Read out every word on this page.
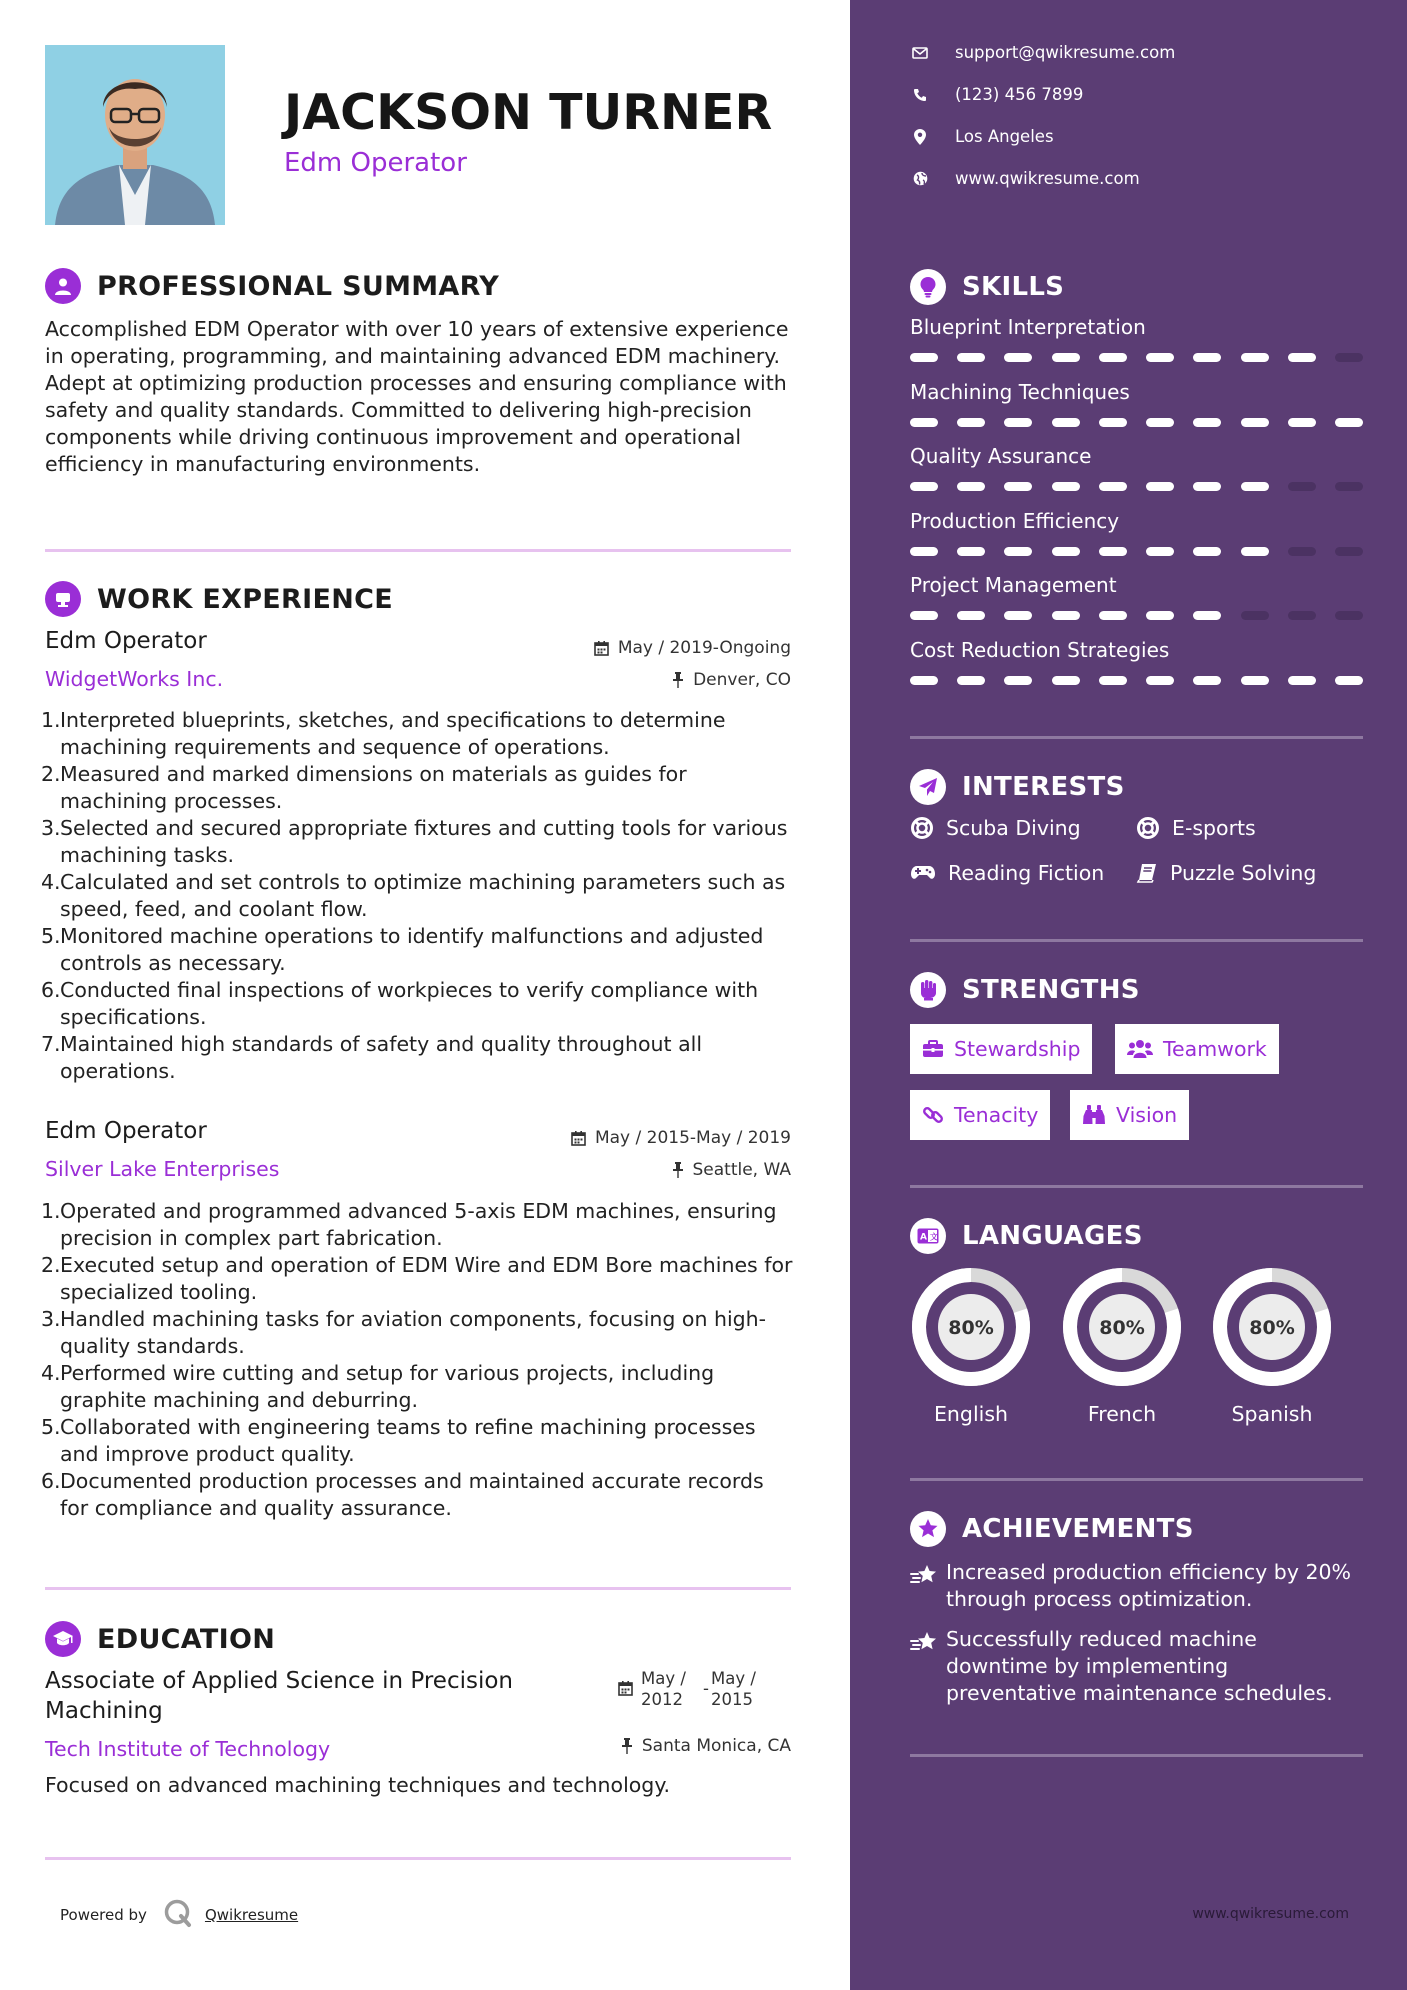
JACKSON TURNER
Edm Operator
PROFESSIONAL SUMMARY
Accomplished EDM Operator with over 10 years of extensive experience in operating, programming, and maintaining advanced EDM machinery. Adept at optimizing production processes and ensuring compliance with safety and quality standards. Committed to delivering high-precision components while driving continuous improvement and operational efficiency in manufacturing environments.
WORK EXPERIENCE
Edm Operator
WidgetWorks Inc.
May / 2019-Ongoing
Denver, CO
1. Interpreted blueprints, sketches, and specifications to determine machining requirements and sequence of operations.
2. Measured and marked dimensions on materials as guides for machining processes.
3. Selected and secured appropriate fixtures and cutting tools for various machining tasks.
4. Calculated and set controls to optimize machining parameters such as speed, feed, and coolant flow.
5. Monitored machine operations to identify malfunctions and adjusted controls as necessary.
6. Conducted final inspections of workpieces to verify compliance with specifications.
7. Maintained high standards of safety and quality throughout all operations.
Edm Operator
Silver Lake Enterprises
May / 2015-May / 2019
Seattle, WA
1. Operated and programmed advanced 5-axis EDM machines, ensuring precision in complex part fabrication.
2. Executed setup and operation of EDM Wire and EDM Bore machines for specialized tooling.
3. Handled machining tasks for aviation components, focusing on high-quality standards.
4. Performed wire cutting and setup for various projects, including graphite machining and deburring.
5. Collaborated with engineering teams to refine machining processes and improve product quality.
6. Documented production processes and maintained accurate records for compliance and quality assurance.
EDUCATION
Associate of Applied Science in Precision Machining
Tech Institute of Technology
May /
2012
-
May /
2015
Santa Monica, CA
Focused on advanced machining techniques and technology.
Powered by	Qwikresume
support@qwikresume.com
(123) 456 7899
Los Angeles
www.qwikresume.com
SKILLS
Blueprint Interpretation
Machining Techniques
Quality Assurance
Production Efficiency
Project Management
Cost Reduction Strategies
INTERESTS
Scuba Diving	E-sports
Reading Fiction	Puzzle Solving
STRENGTHS
Stewardship	Teamwork
Tenacity	Vision
A 文 LANGUAGES
80%
English
80%
French
80%
Spanish
ACHIEVEMENTS
Increased production efficiency by 20% through process optimization.
Successfully reduced machine downtime by implementing preventative maintenance schedules.
www.qwikresume.com
